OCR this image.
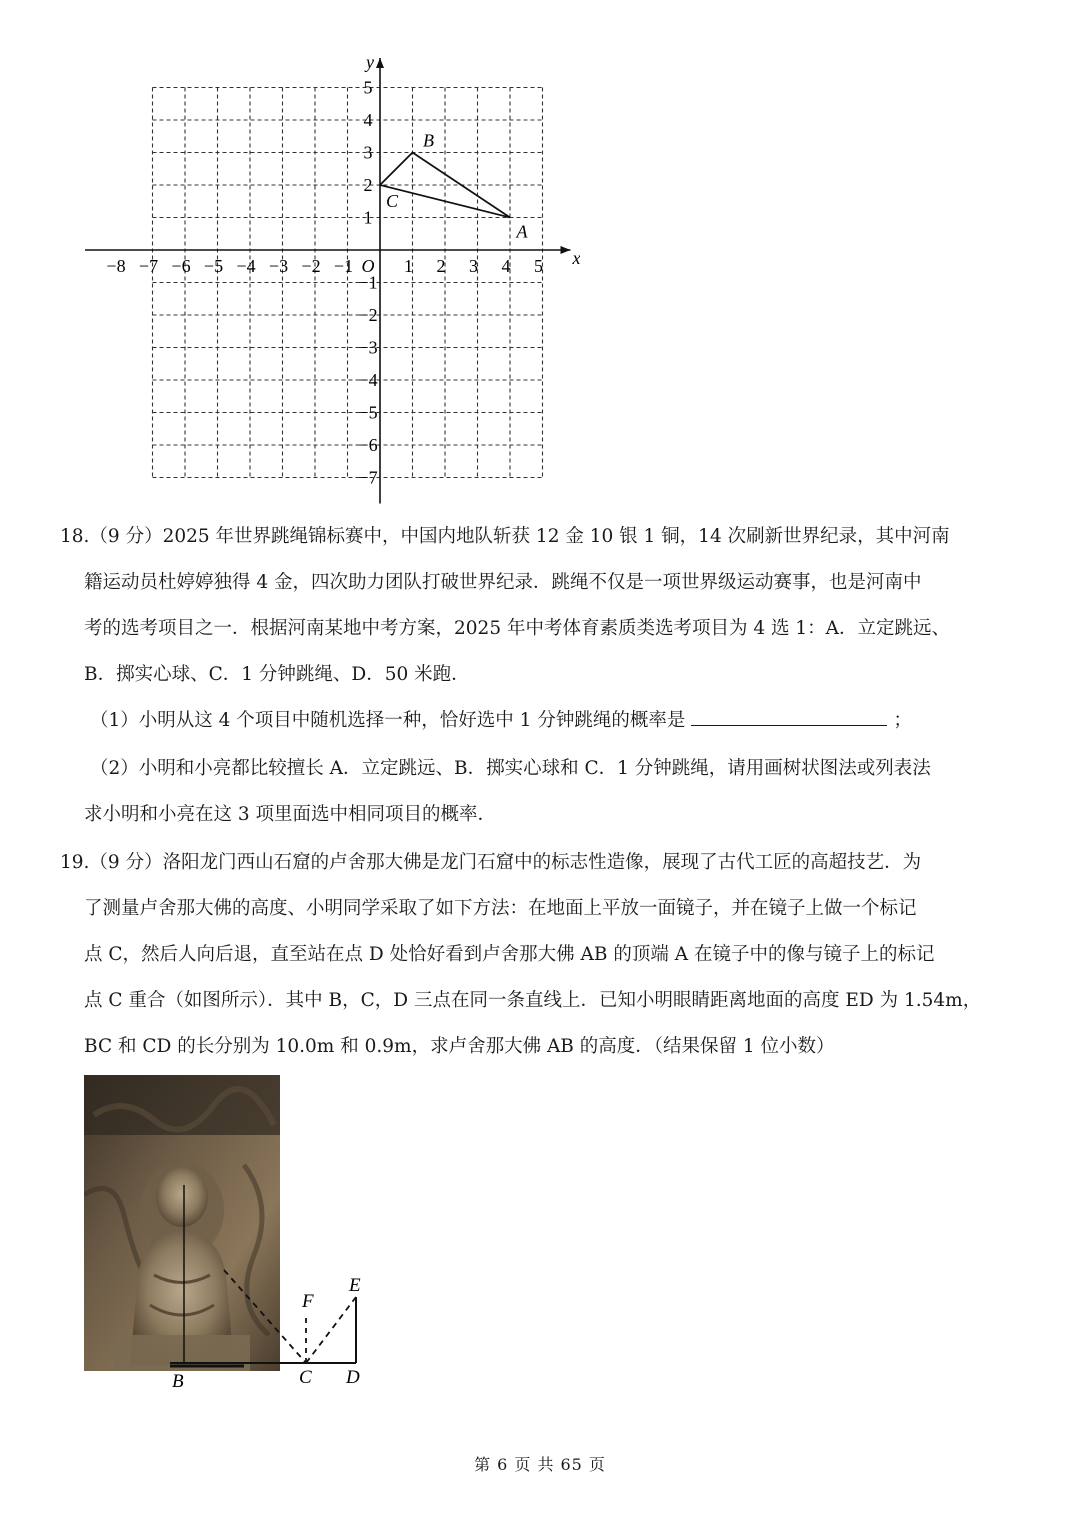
−8 −7 −6 −5 −4 −3 −2 −1	1 2 3 4 5
5
4
3
2
1
−1
−2
−3
−4
−5
−6
−7
O	x
y
A
B
C
18.（9 分）2025 年世界跳绳锦标赛中，中国内地队斩获 12 金 10 银 1 铜，14 次刷新世界纪录，其中河南
籍运动员杜婷婷独得 4 金，四次助力团队打破世界纪录．跳绳不仅是一项世界级运动赛事，也是河南中
考的选考项目之一．根据河南某地中考方案，2025 年中考体育素质类选考项目为 4 选 1：A．立定跳远、
B．掷实心球、C．1 分钟跳绳、D．50 米跑．
（1）小明从这 4 个项目中随机选择一种，恰好选中 1 分钟跳绳的概率是	；
（2）小明和小亮都比较擅长 A．立定跳远、B．掷实心球和 C．1 分钟跳绳，请用画树状图法或列表法
求小明和小亮在这 3 项里面选中相同项目的概率．
19.（9 分）洛阳龙门西山石窟的卢舍那大佛是龙门石窟中的标志性造像，展现了古代工匠的高超技艺．为
了测量卢舍那大佛的高度、小明同学采取了如下方法：在地面上平放一面镜子，并在镜子上做一个标记
点 C，然后人向后退，直至站在点 D 处恰好看到卢舍那大佛 AB 的顶端 A 在镜子中的像与镜子上的标记
点 C 重合（如图所示）．其中 B，C，D 三点在同一条直线上．已知小明眼睛距离地面的高度 ED 为 1.54m，
BC 和 CD 的长分别为 10.0m 和 0.9m，求卢舍那大佛 AB 的高度．（结果保留 1 位小数）
B	C D
E
F
第 6 页 共 65 页
